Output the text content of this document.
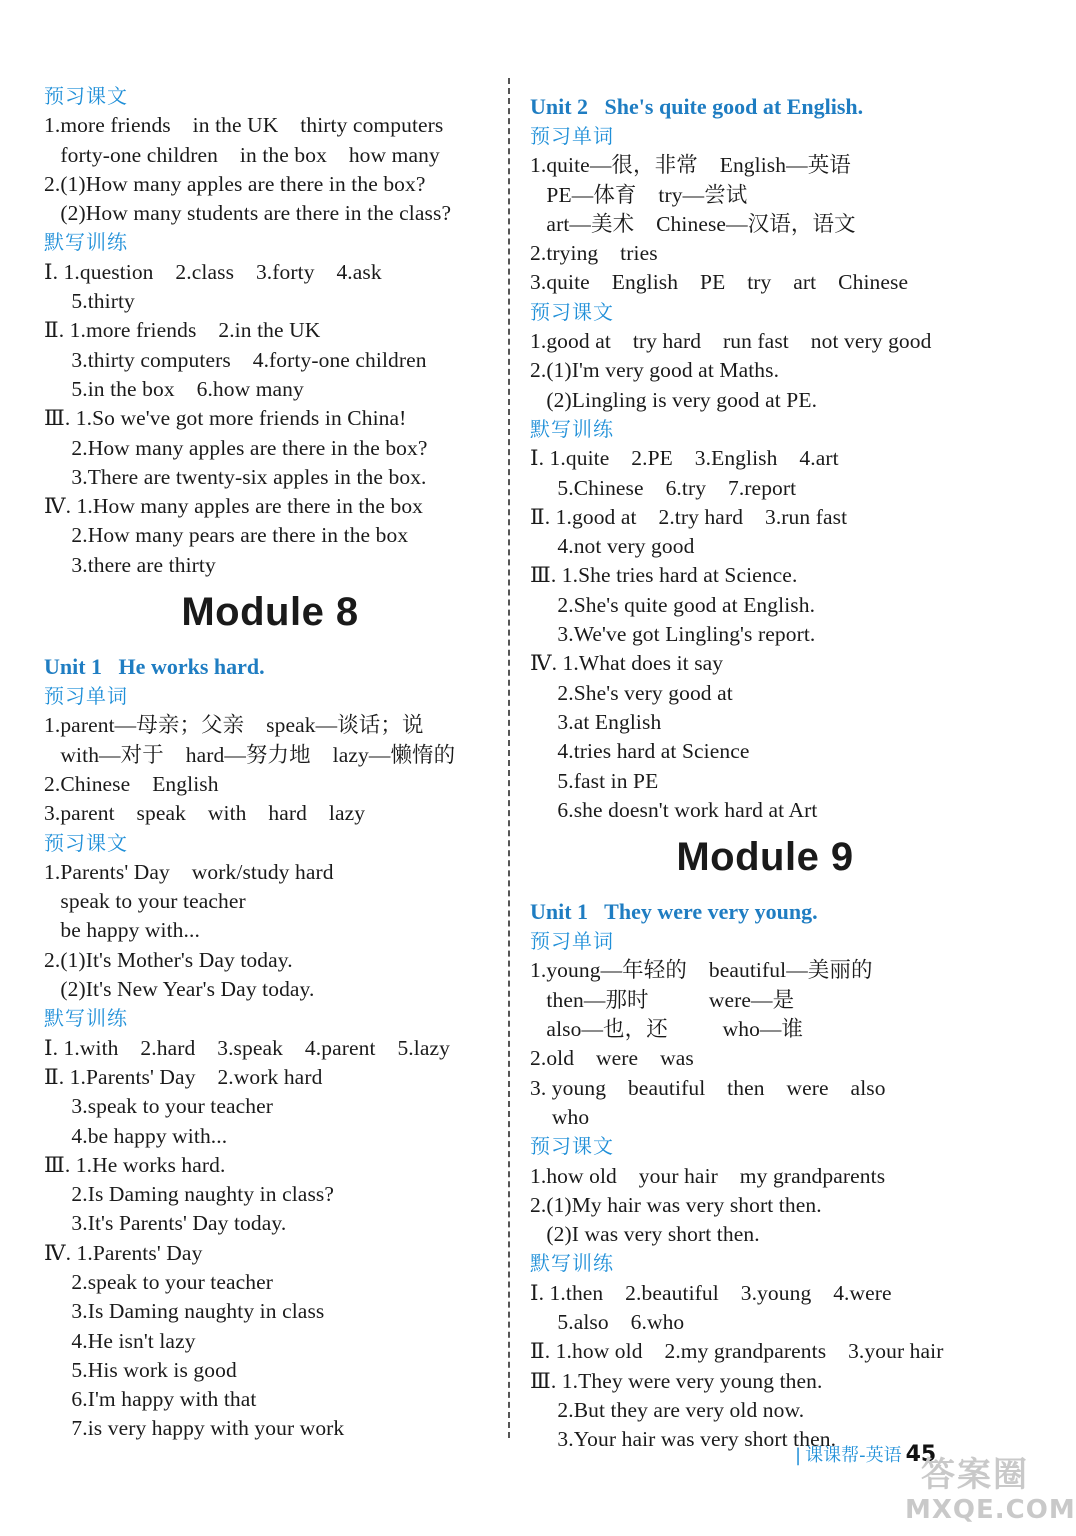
预习课文
1.more friends    in the UK    thirty computers
forty-one children    in the box    how many
2.(1)How many apples are there in the box?
(2)How many students are there in the class?
默写训练
Ⅰ. 1.question    2.class    3.forty    4.ask
5.thirty
Ⅱ. 1.more friends    2.in the UK
3.thirty computers    4.forty-one children
5.in the box    6.how many
Ⅲ. 1.So we've got more friends in China!
2.How many apples are there in the box?
3.There are twenty-six apples in the box.
Ⅳ. 1.How many apples are there in the box
2.How many pears are there in the box
3.there are thirty
Module 8
Unit 1   He works hard.
预习单词
1.parent—母亲；父亲    speak—谈话；说
with—对于    hard—努力地    lazy—懒惰的
2.Chinese    English
3.parent    speak    with    hard    lazy
预习课文
1.Parents' Day    work/study hard
speak to your teacher
be happy with...
2.(1)It's Mother's Day today.
(2)It's New Year's Day today.
默写训练
Ⅰ. 1.with    2.hard    3.speak    4.parent    5.lazy
Ⅱ. 1.Parents' Day    2.work hard
3.speak to your teacher
4.be happy with...
Ⅲ. 1.He works hard.
2.Is Daming naughty in class?
3.It's Parents' Day today.
Ⅳ. 1.Parents' Day
2.speak to your teacher
3.Is Daming naughty in class
4.He isn't lazy
5.His work is good
6.I'm happy with that
7.is very happy with your work
Unit 2   She's quite good at English.
预习单词
1.quite—很，非常    English—英语
PE—体育    try—尝试
art—美术    Chinese—汉语，语文
2.trying    tries
3.quite    English    PE    try    art    Chinese
预习课文
1.good at    try hard    run fast    not very good
2.(1)I'm very good at Maths.
(2)Lingling is very good at PE.
默写训练
Ⅰ. 1.quite    2.PE    3.English    4.art
5.Chinese    6.try    7.report
Ⅱ. 1.good at    2.try hard    3.run fast
4.not very good
Ⅲ. 1.She tries hard at Science.
2.She's quite good at English.
3.We've got Lingling's report.
Ⅳ. 1.What does it say
2.She's very good at
3.at English
4.tries hard at Science
5.fast in PE
6.she doesn't work hard at Art
Module 9
Unit 1   They were very young.
预习单词
1.young—年轻的    beautiful—美丽的
then—那时           were—是
also—也，还          who—谁
2.old    were    was
3. young    beautiful    then    were    also
who
预习课文
1.how old    your hair    my grandparents
2.(1)My hair was very short then.
(2)I was very short then.
默写训练
Ⅰ. 1.then    2.beautiful    3.young    4.were
5.also    6.who
Ⅱ. 1.how old    2.my grandparents    3.your hair
Ⅲ. 1.They were very young then.
2.But they are very old now.
3.Your hair was very short then.
| 课课帮-英语 45
答案圈
MXQE.COM
